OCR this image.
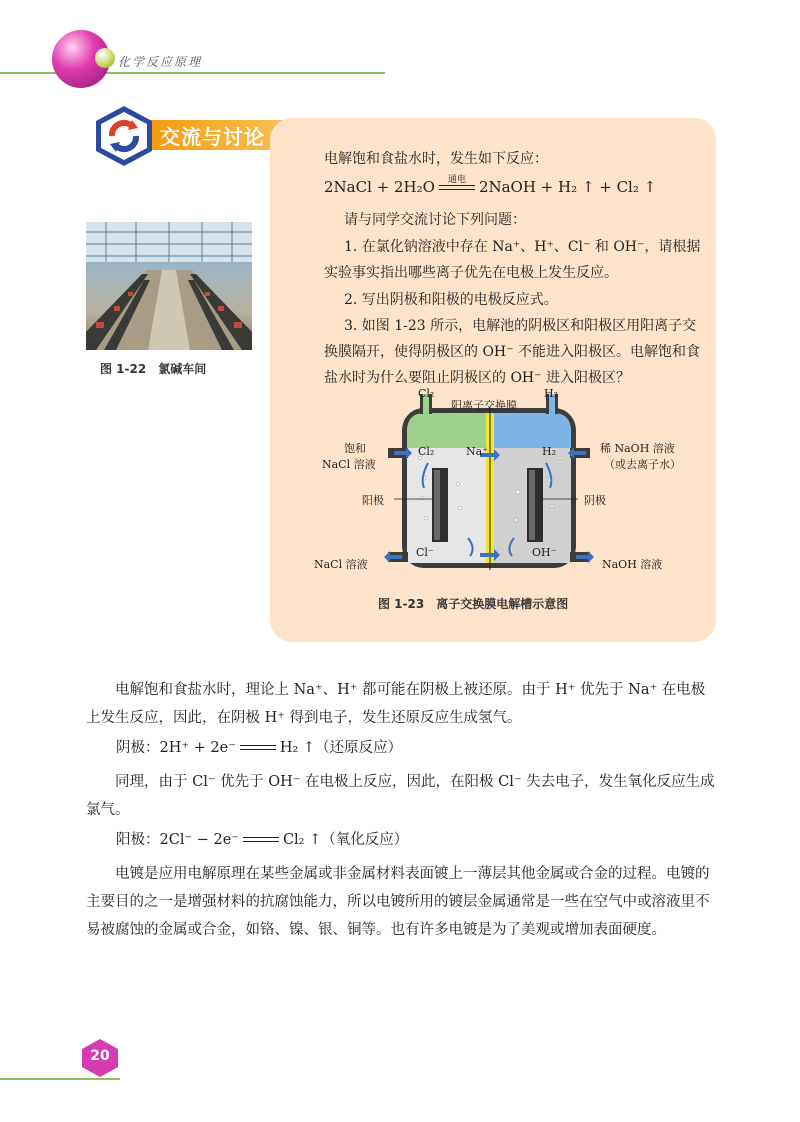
化学反应原理
交流与讨论
电解饱和食盐水时，发生如下反应：
2NaCl + 2H₂O	通电 2NaOH + H₂ ↑ + Cl₂ ↑
请与同学交流讨论下列问题：
1. 在氯化钠溶液中存在 Na⁺、H⁺、Cl⁻ 和 OH⁻，请根据
实验事实指出哪些离子优先在电极上发生反应。
2. 写出阴极和阳极的电极反应式。
3. 如图 1-23 所示，电解池的阴极区和阳极区用阳离子交
换膜隔开，使得阴极区的 OH⁻ 不能进入阳极区。电解饱和食
盐水时为什么要阻止阴极区的 OH⁻ 进入阳极区？
图 1-22　氯碱车间
Cl₂
阳离子交换膜
H₂
饱和
NaCl 溶液
Cl₂	Na⁺	H₂	稀 NaOH 溶液
（或去离子水）
阳极	阴极
Cl⁻	OH⁻
NaCl 溶液	NaOH 溶液
图 1-23　离子交换膜电解槽示意图
电解饱和食盐水时，理论上 Na⁺、H⁺ 都可能在阴极上被还原。由于 H⁺ 优先于 Na⁺ 在电极上发生反应，因此，在阴极 H⁺ 得到电子，发生还原反应生成氢气。
阴极：2H⁺ + 2e⁻	H₂ ↑（还原反应）
同理，由于 Cl⁻ 优先于 OH⁻ 在电极上反应，因此，在阳极 Cl⁻ 失去电子，发生氧化反应生成氯气。
阳极：2Cl⁻ − 2e⁻	Cl₂ ↑（氧化反应）
电镀是应用电解原理在某些金属或非金属材料表面镀上一薄层其他金属或合金的过程。电镀的主要目的之一是增强材料的抗腐蚀能力，所以电镀所用的镀层金属通常是一些在空气中或溶液里不易被腐蚀的金属或合金，如铬、镍、银、铜等。也有许多电镀是为了美观或增加表面硬度。
20
